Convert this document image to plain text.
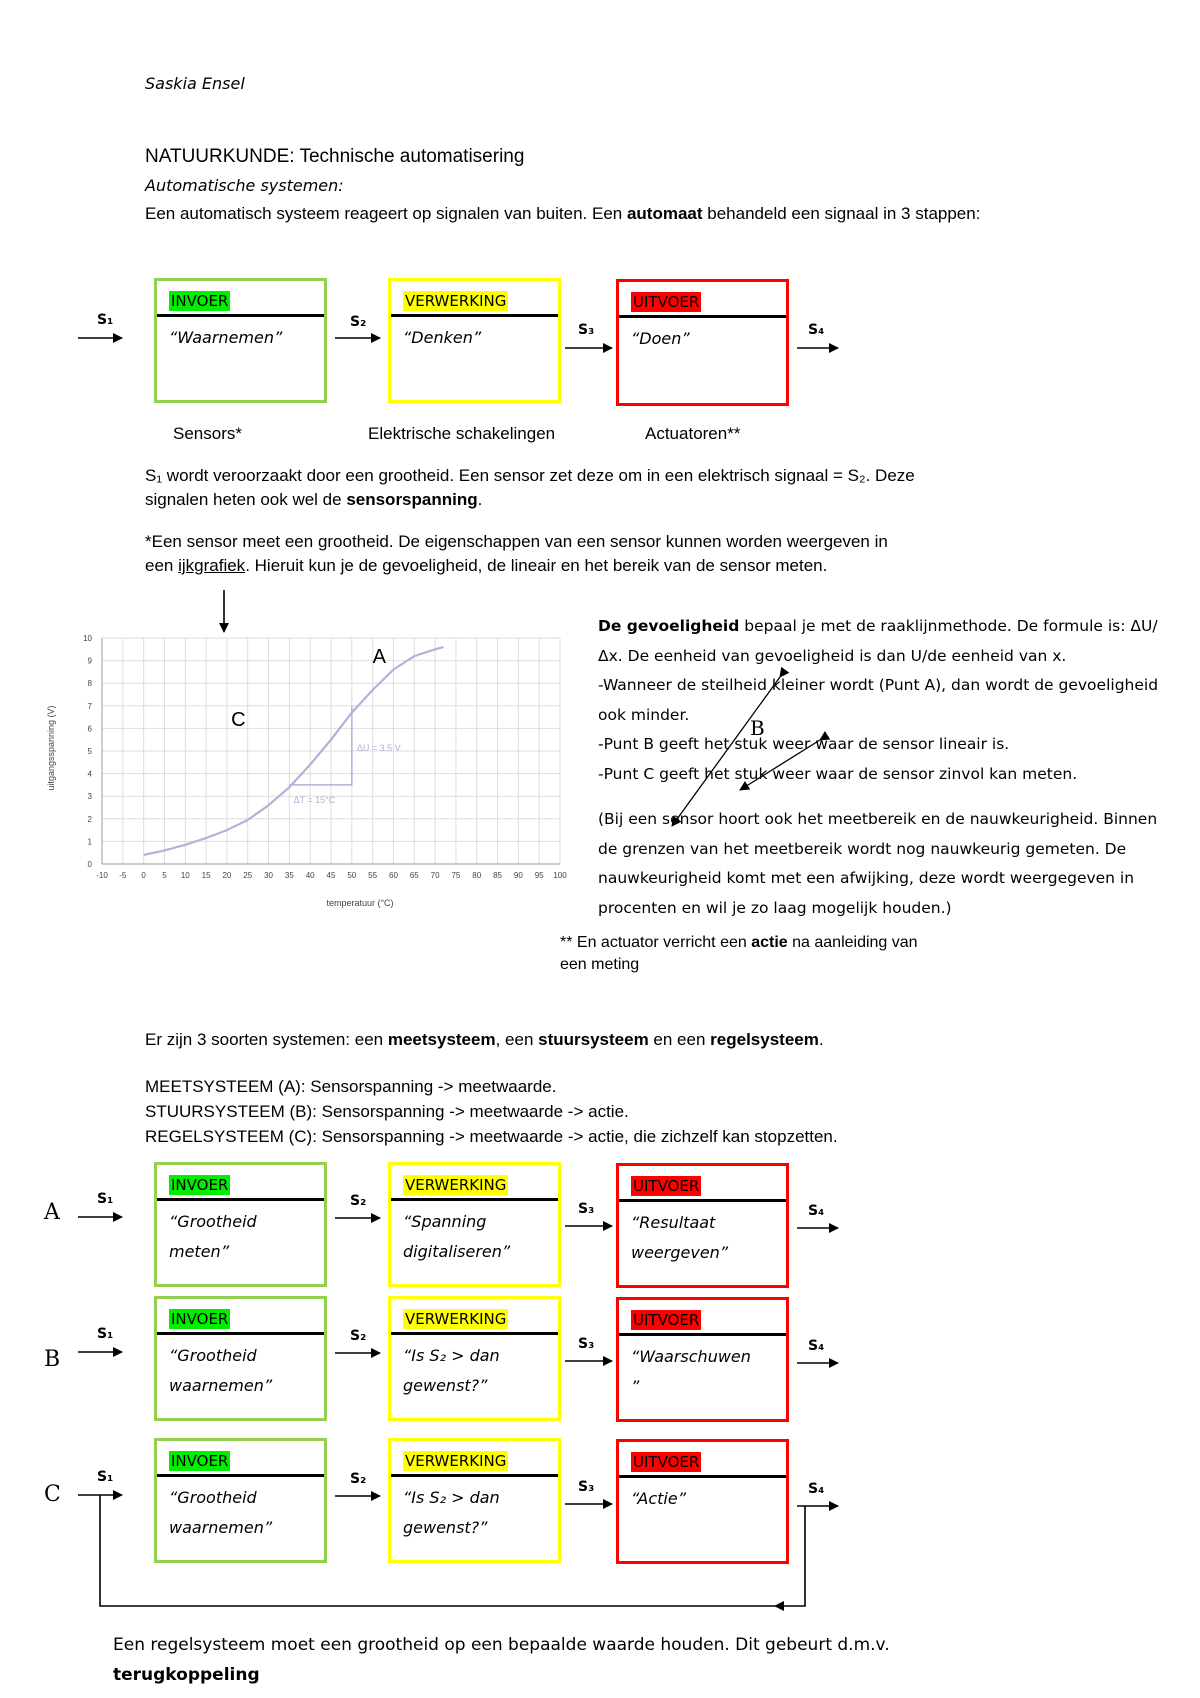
Saskia Ensel
NATUURKUNDE: Technische automatisering
Automatische systemen:
Een automatisch systeem reageert op signalen van buiten. Een automaat behandeld een signaal in 3 stappen:
S₁	S₂	S₃	S₄
INVOER
“Waarnemen”
VERWERKING
“Denken”
UITVOER
“Doen”
Sensors*	Elektrische schakelingen	Actuatoren**
S₁ wordt veroorzaakt door een grootheid. Een sensor zet deze om in een elektrisch signaal = S₂. Deze
signalen heten ook wel de sensorspanning.
*Een sensor meet een grootheid. De eigenschappen van een sensor kunnen worden weergeven in
een ijkgrafiek. Hieruit kun je de gevoeligheid, de lineair en het bereik van de sensor meten.
-10 -5 0 5 10 15 20 25 30 35 40 45 50 55 60 65 70 75 80 85 90 95 100
0
1
2
3
4
5
6
7
8
9
10
ΔU = 3.5 V
ΔT = 15°C
A
C
temperatuur (°C)
uitgangsspanning (V)
De gevoeligheid bepaal je met de raaklijnmethode. De formule is: ΔU/Δx. De eenheid van gevoeligheid is dan U/de eenheid van x.
-Wanneer de steilheid kleiner wordt (Punt A), dan wordt de gevoeligheid ook minder.
-Punt B geeft het stuk weer waar de sensor lineair is.
-Punt C geeft het stuk weer waar de sensor zinvol kan meten.
(Bij een sensor hoort ook het meetbereik en de nauwkeurigheid. Binnen de grenzen van het meetbereik wordt nog nauwkeurig gemeten. De nauwkeurigheid komt met een afwijking, deze wordt weergegeven in procenten en wil je zo laag mogelijk houden.)
B
** En actuator verricht een actie na aanleiding van
een meting
Er zijn 3 soorten systemen: een meetsysteem, een stuursysteem en een regelsysteem.
MEETSYSTEEM (A): Sensorspanning -> meetwaarde.
STUURSYSTEEM (B): Sensorspanning -> meetwaarde -> actie.
REGELSYSTEEM (C): Sensorspanning -> meetwaarde -> actie, die zichzelf kan stopzetten.
A
INVOER
“Grootheid
meten”
VERWERKING
“Spanning
digitaliseren”
UITVOER
“Resultaat
weergeven”
S₁	S₂	S₃	S₄
B
INVOER
“Grootheid
waarnemen”
VERWERKING
“Is S₂ > dan
gewenst?”
UITVOER
“Waarschuwen
”
S₁	S₂	S₃	S₄
C
INVOER
“Grootheid
waarnemen”
VERWERKING
“Is S₂ > dan
gewenst?”
UITVOER
“Actie”
S₁	S₂	S₃	S₄
Een regelsysteem moet een grootheid op een bepaalde waarde houden. Dit gebeurt d.m.v.
terugkoppeling
